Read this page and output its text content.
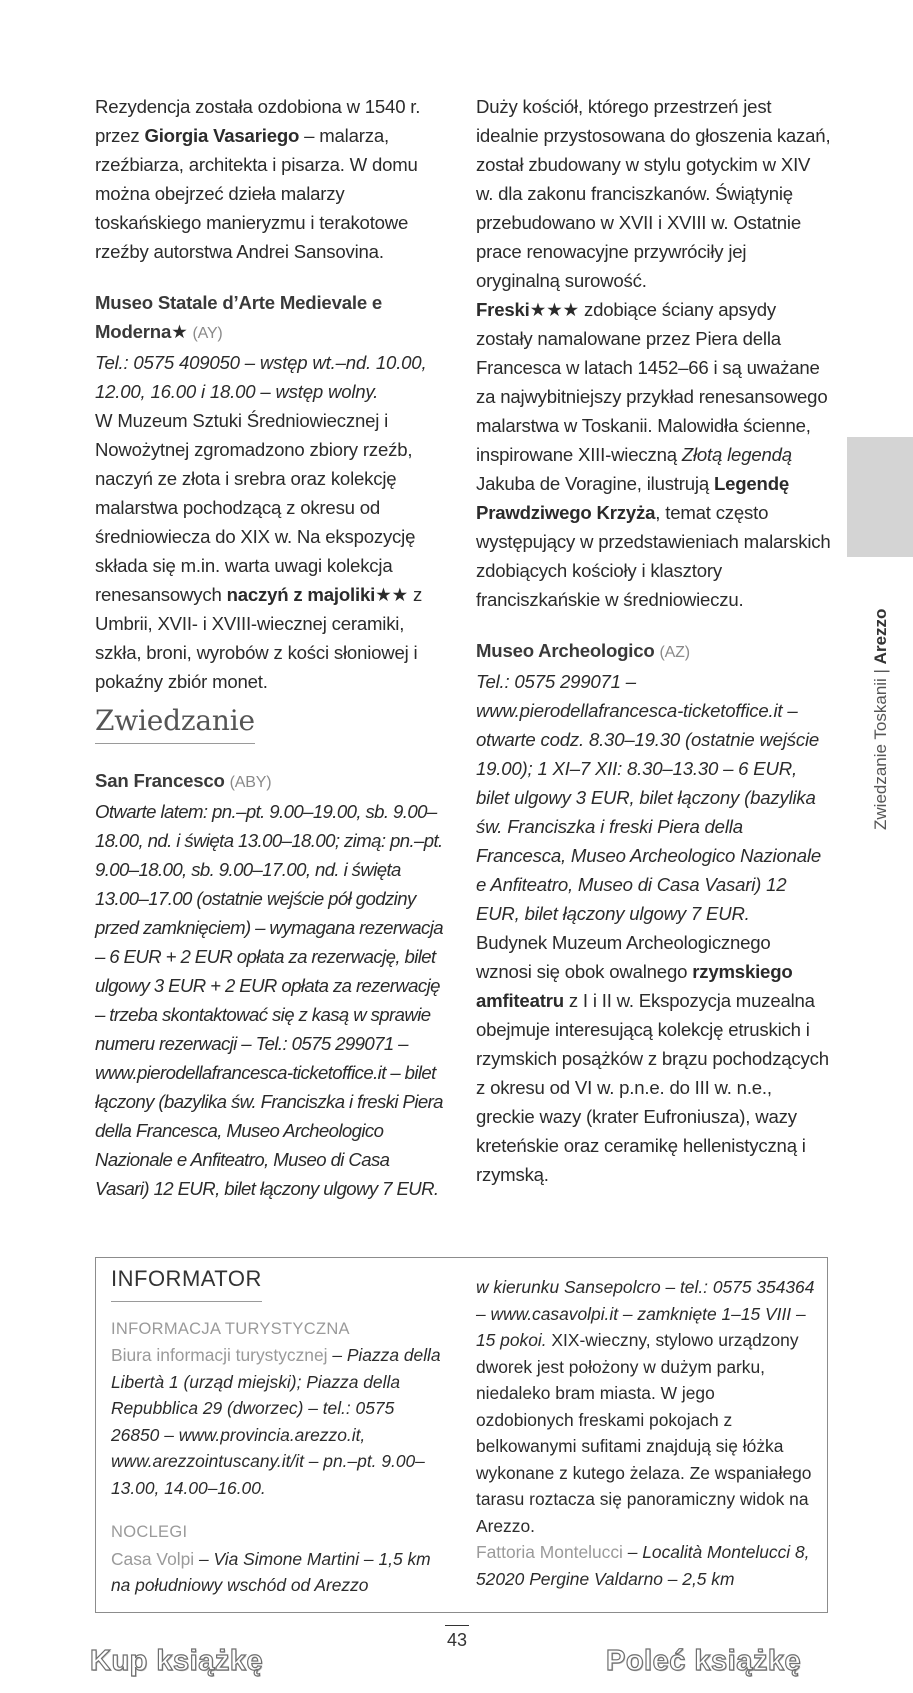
Rezydencja została ozdobiona w 1540 r. przez Giorgia Vasariego – malarza, rzeźbiarza, architekta i pisarza. W domu można obejrzeć dzieła malarzy toskańskiego manieryzmu i terakotowe rzeźby autorstwa Andrei Sansovina.

Museo Statale d’Arte Medievale e Moderna★ (AY)

Tel.: 0575 409050 – wstęp wt.–nd. 10.00, 12.00, 16.00 i 18.00 – wstęp wolny.

W Muzeum Sztuki Średniowiecznej i Nowożytnej zgromadzono zbiory rzeźb, naczyń ze złota i srebra oraz kolekcję malarstwa pochodzącą z okresu od średniowiecza do XIX w. Na ekspozycję składa się m.in. warta uwagi kolekcja renesansowych naczyń z majoliki★★ z Umbrii, XVII- i XVIII-wiecznej ceramiki, szkła, broni, wyrobów z kości słoniowej i pokaźny zbiór monet.

Zwiedzanie
San Francesco (ABY)

Otwarte latem: pn.–pt. 9.00–19.00, sb. 9.00–18.00, nd. i święta 13.00–18.00; zimą: pn.–pt. 9.00–18.00, sb. 9.00–17.00, nd. i święta 13.00–17.00 (ostatnie wejście pół godziny przed zamknięciem) – wymagana rezerwacja – 6 EUR + 2 EUR opłata za rezerwację, bilet ulgowy 3 EUR + 2 EUR opłata za rezerwację – trzeba skontaktować się z kasą w sprawie numeru rezerwacji – Tel.: 0575 299071 – www.pierodellafrancesca-ticketoffice.it – bilet łączony (bazylika św. Franciszka i freski Piera della Francesca, Museo Archeologico Nazionale e Anfiteatro, Museo di Casa Vasari) 12 EUR, bilet łączony ulgowy 7 EUR.

Duży kościół, którego przestrzeń jest idealnie przystosowana do głoszenia kazań, został zbudowany w stylu gotyckim w XIV w. dla zakonu franciszkanów. Świątynię przebudowano w XVII i XVIII w. Ostatnie prace renowacyjne przywróciły jej oryginalną surowość.

Freski★★★ zdobiące ściany apsydy zostały namalowane przez Piera della Francesca w latach 1452–66 i są uważane za najwybitniejszy przykład renesansowego malarstwa w Toskanii. Malowidła ścienne, inspirowane XIII-wieczną Złotą legendą Jakuba de Voragine, ilustrują Legendę Prawdziwego Krzyża, temat często występujący w przedstawieniach malarskich zdobiących kościoły i klasztory franciszkańskie w średniowieczu.

Museo Archeologico (AZ)

Tel.: 0575 299071 – www.pierodellafrancesca-ticketoffice.it – otwarte codz. 8.30–19.30 (ostatnie wejście 19.00); 1 XI–7 XII: 8.30–13.30 – 6 EUR, bilet ulgowy 3 EUR, bilet łączony (bazylika św. Franciszka i freski Piera della Francesca, Museo Archeologico Nazionale e Anfiteatro, Museo di Casa Vasari) 12 EUR, bilet łączony ulgowy 7 EUR.

Budynek Muzeum Archeologicznego wznosi się obok owalnego rzymskiego amfiteatru z I i II w. Ekspozycja muzealna obejmuje interesującą kolekcję etruskich i rzymskich posążków z brązu pochodzących z okresu od VI w. p.n.e. do III w. n.e., greckie wazy (krater Eufroniusza), wazy kreteńskie oraz ceramikę hellenistyczną i rzymską.

Zwiedzanie Toskanii | Arezzo
INFORMATOR
INFORMACJA TURYSTYCZNA

Biura informacji turystycznej – Piazza della Libertà 1 (urząd miejski); Piazza della Repubblica 29 (dworzec) – tel.: 0575 26850 – www.provincia.arezzo.it, www.arezzointuscany.it/it – pn.–pt. 9.00–13.00, 14.00–16.00.

NOCLEGI

Casa Volpi – Via Simone Martini – 1,5 km na południowy wschód od Arezzo

w kierunku Sansepolcro – tel.: 0575 354364 – www.casavolpi.it – zamknięte 1–15 VIII – 15 pokoi. XIX-wieczny, stylowo urządzony dworek jest położony w dużym parku, niedaleko bram miasta. W jego ozdobionych freskami pokojach z belkowanymi sufitami znajdują się łóżka wykonane z kutego żelaza. Ze wspaniałego tarasu roztacza się panoramiczny widok na Arezzo.

Fattoria Montelucci – Località Montelucci 8, 52020 Pergine Valdarno – 2,5 km

43
Kup książkę	Poleć książkę
